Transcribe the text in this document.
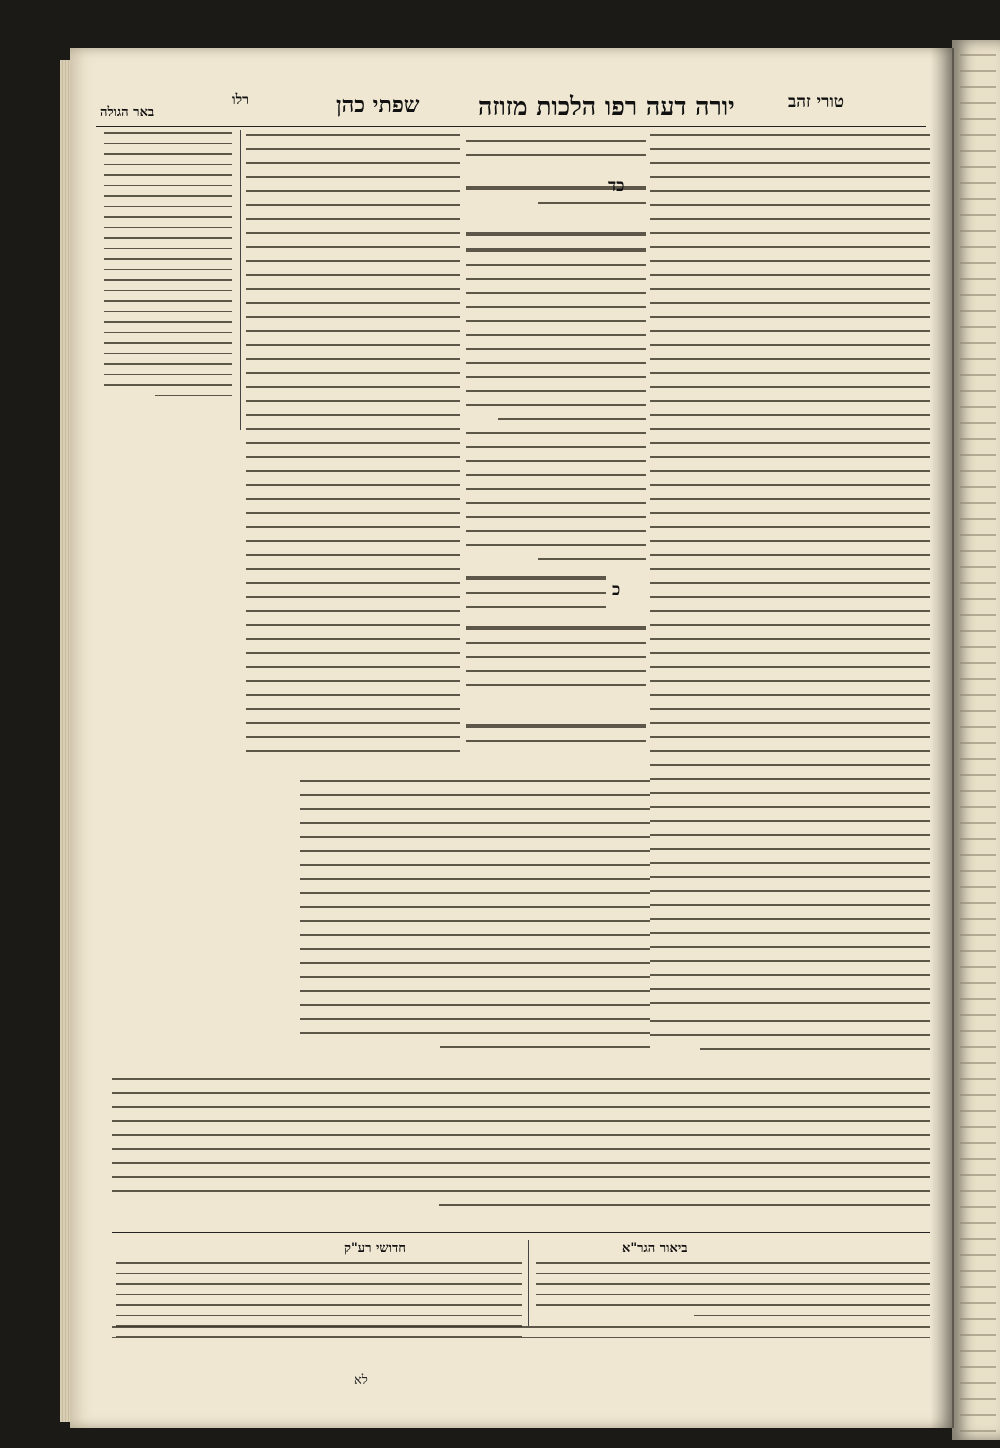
טורי זהב
יורה דעה רפו הלכות מזוזה
שפתי כהן
רלו
באר הגולה
כד
כ
ביאור הגר"א
חדושי רע"ק
לא
